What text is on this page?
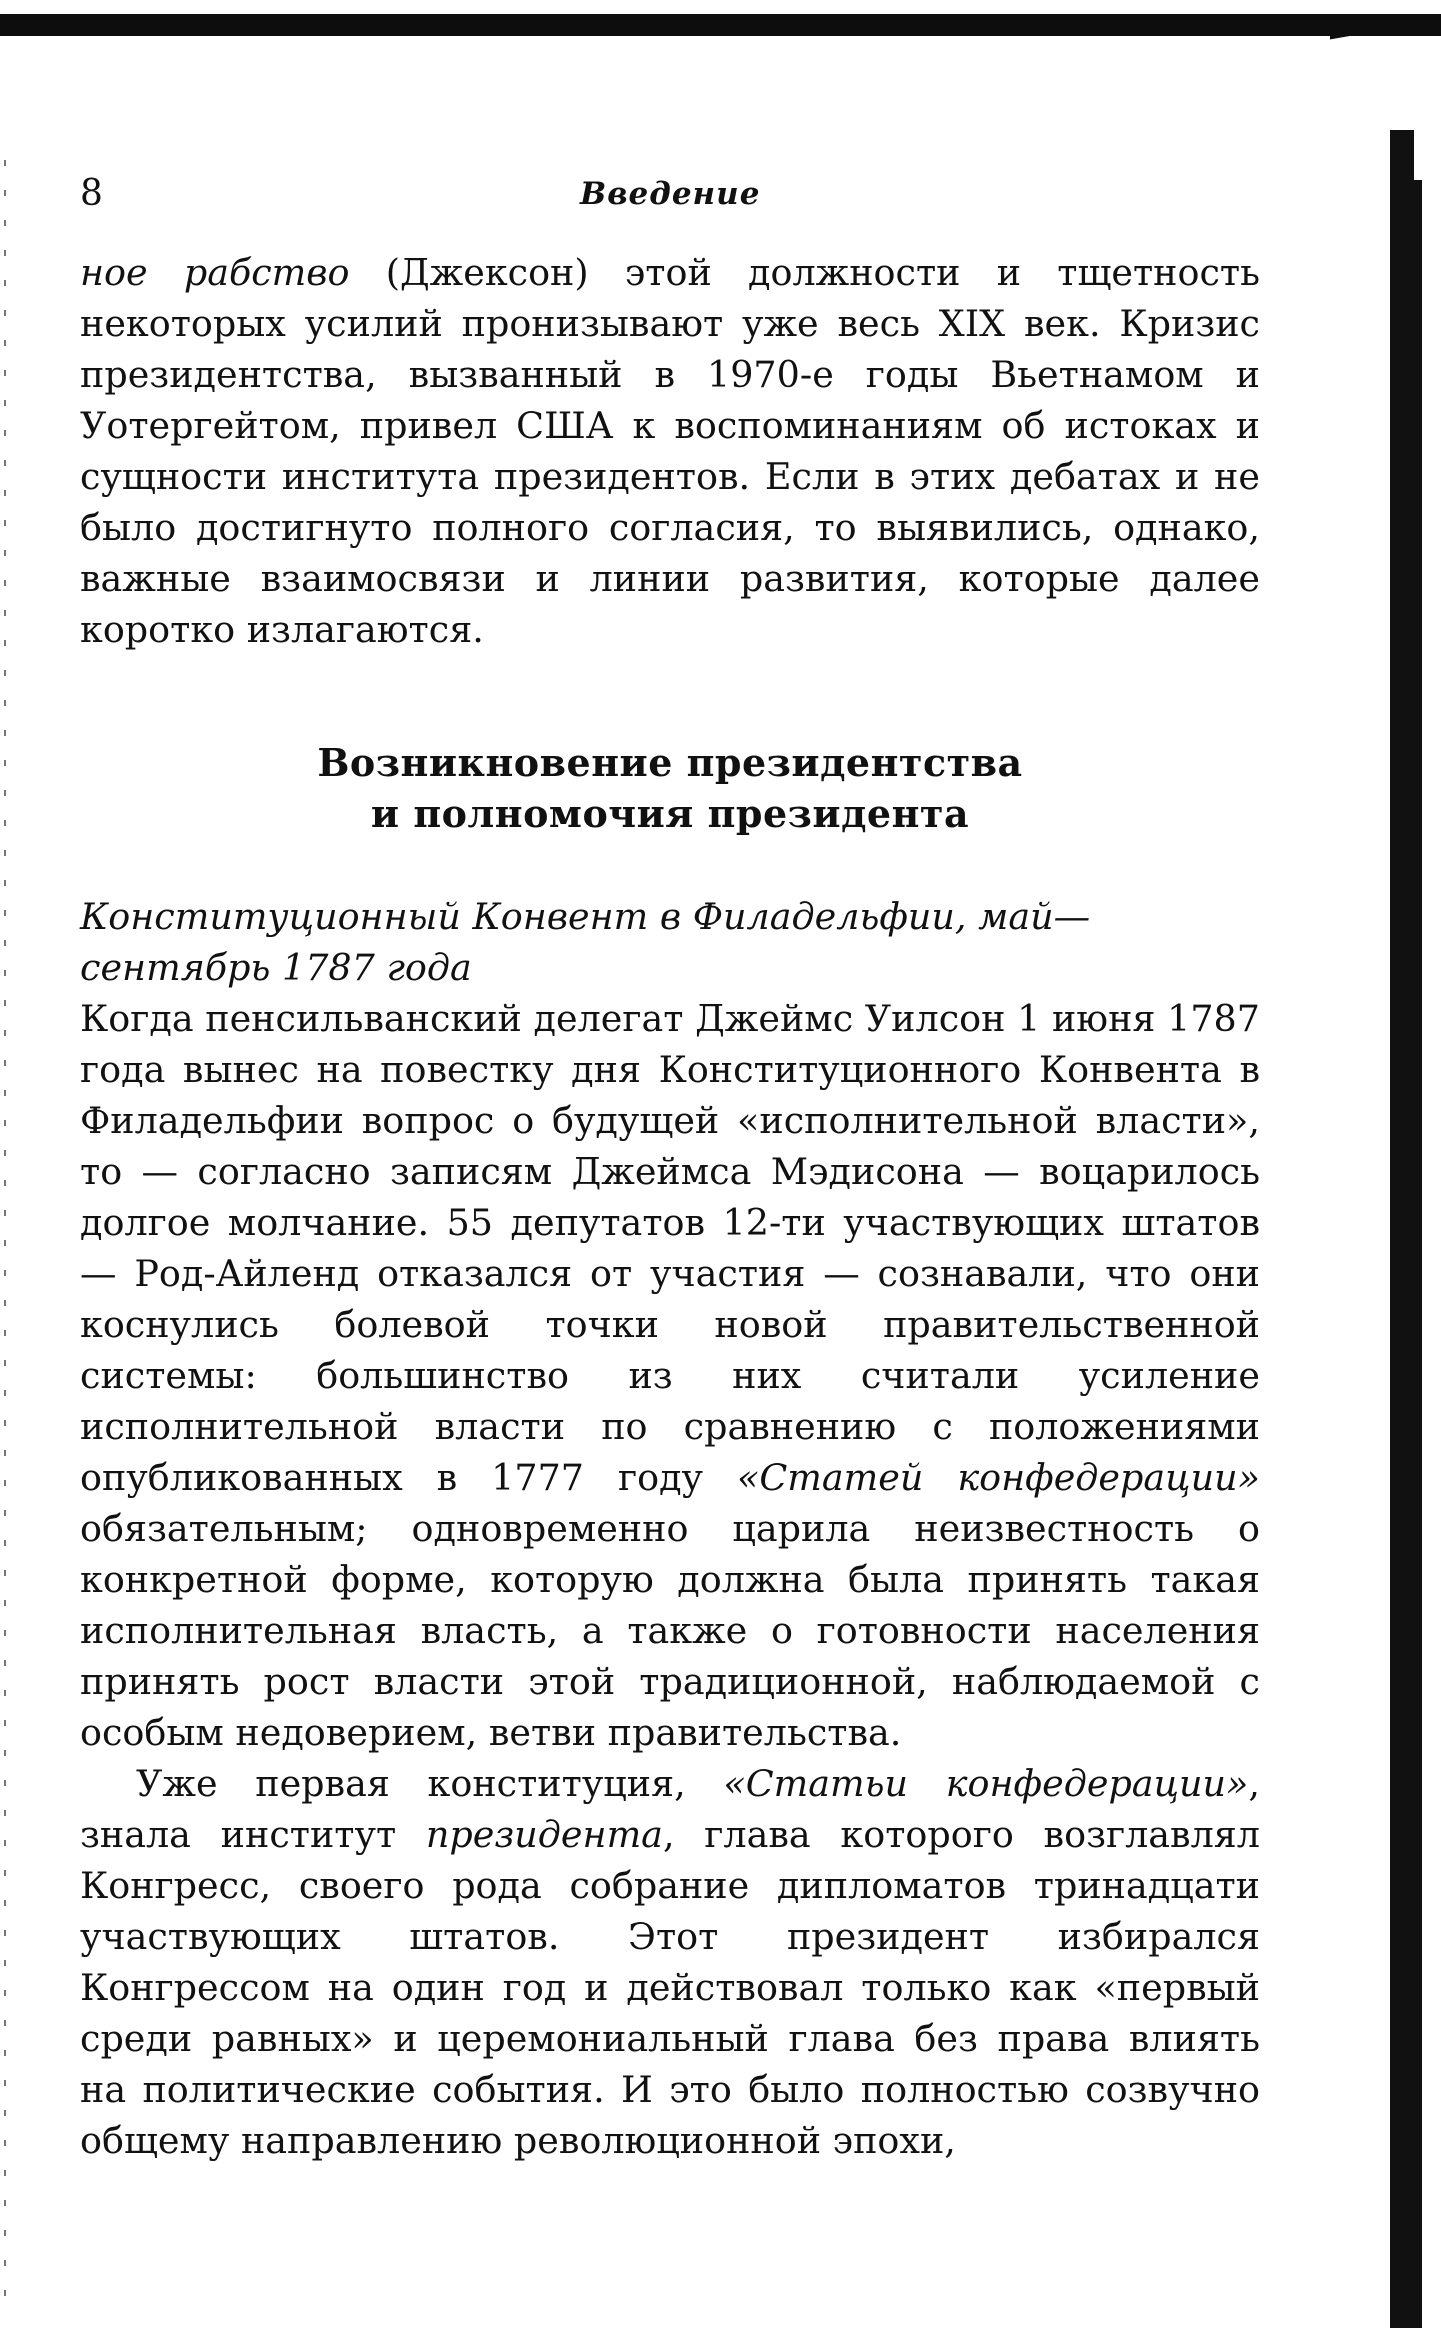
8	Введение

ное рабство (Джексон) этой должности и тщетность некоторых усилий пронизывают уже весь XIX век. Кризис президентства, вызванный в 1970-е годы Вьетнамом и Уотергейтом, привел США к воспоминаниям об истоках и сущности института президентов. Если в этих дебатах и не было достигнуто полного согласия, то выявились, однако, важные взаимосвязи и линии развития, которые далее коротко излагаются.

Возникновение президентства
и полномочия президента

Конституционный Конвент в Филадельфии, май—сентябрь 1787 года

Когда пенсильванский делегат Джеймс Уилсон 1 июня 1787 года вынес на повестку дня Конституционного Конвента в Филадельфии вопрос о будущей «исполнительной власти», то — согласно записям Джеймса Мэдисона — воцарилось долгое молчание. 55 депутатов 12-ти участвующих штатов — Род-Айленд отказался от участия — сознавали, что они коснулись болевой точки новой правительственной системы: большинство из них считали усиление исполнительной власти по сравнению с положениями опубликованных в 1777 году «Статей конфедерации» обязательным; одновременно царила неизвестность о конкретной форме, которую должна была принять такая исполнительная власть, а также о готовности населения принять рост власти этой традиционной, наблюдаемой с особым недоверием, ветви правительства.

Уже первая конституция, «Статьи конфедерации», знала институт президента, глава которого возглавлял Конгресс, своего рода собрание дипломатов тринадцати участвующих штатов. Этот президент избирался Конгрессом на один год и действовал только как «первый среди равных» и церемониальный глава без права влиять на политические события. И это было полностью созвучно общему направлению революционной эпохи,
